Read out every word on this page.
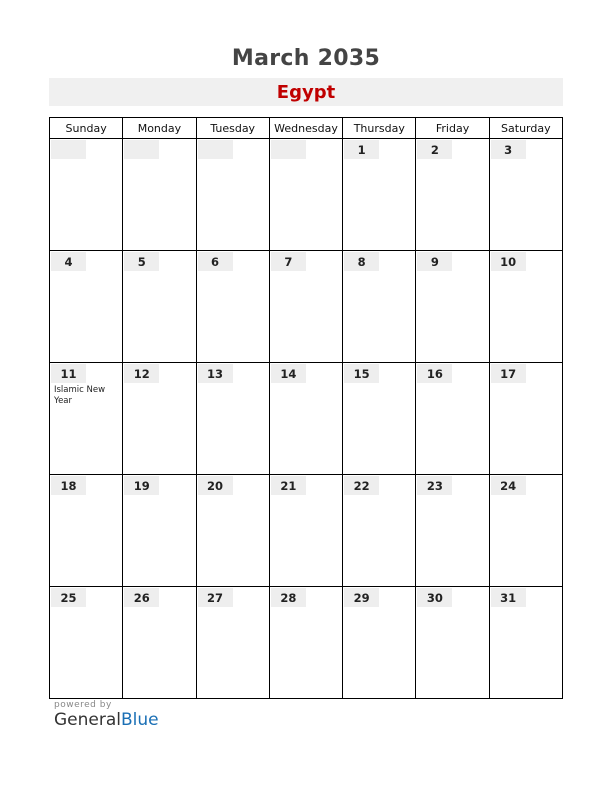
March 2035
Egypt
Sunday	Monday	Tuesday	Wednesday	Thursday	Friday	Saturday

				1	2	3

4	5	6	7	8	9	10

11
Islamic New Year	12	13	14	15	16	17

18	19	20	21	22	23	24

25	26	27	28	29	30	31
powered by
GeneralBlue
